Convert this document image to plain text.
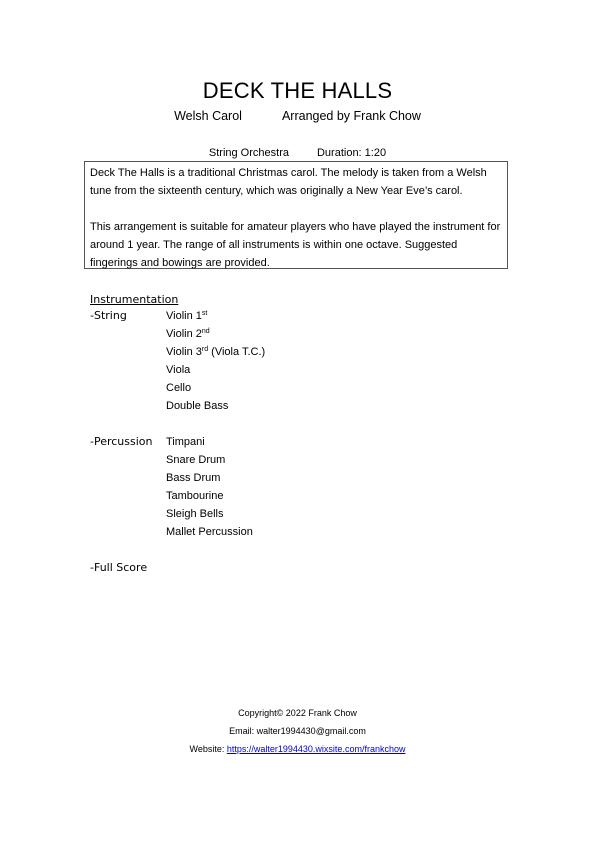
DECK THE HALLS
Welsh Carol	Arranged by Frank Chow
String Orchestra	Duration: 1:20

Deck The Halls is a traditional Christmas carol. The melody is taken from a Welsh tune from the sixteenth century, which was originally a New Year Eve’s carol.

This arrangement is suitable for amateur players who have played the instrument for around 1 year. The range of all instruments is within one octave. Suggested fingerings and bowings are provided.

Instrumentation
-String	Violin 1st
Violin 2nd
Violin 3rd (Viola T.C.)
Viola
Cello
Double Bass
-Percussion Timpani
Snare Drum
Bass Drum
Tambourine
Sleigh Bells
Mallet Percussion
-Full Score
Copyright© 2022 Frank Chow
Email: walter1994430@gmail.com
Website: https://walter1994430.wixsite.com/frankchow
